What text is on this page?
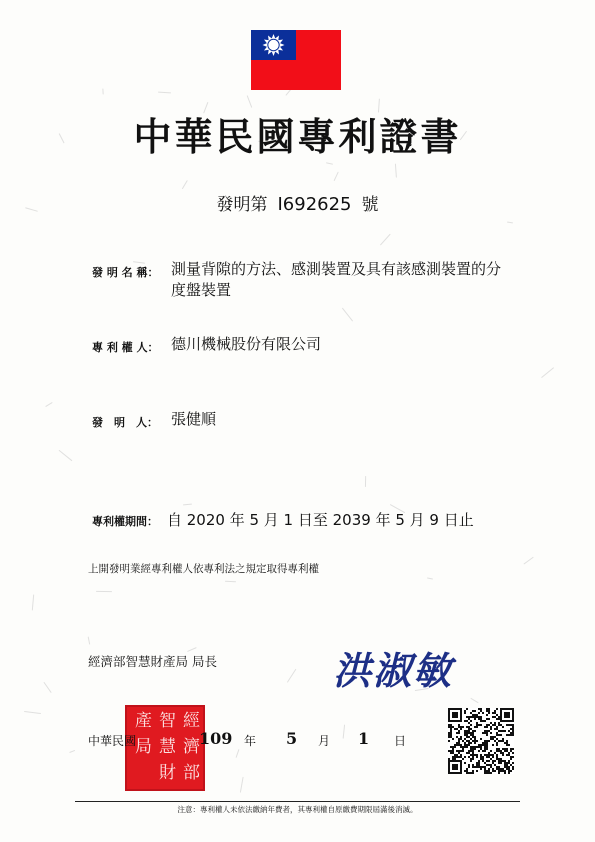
中華民國專利證書
發明第 I692625 號
發 明 名 稱： 測量背隙的方法、感測裝置及具有該感測裝置的分度盤裝置
專 利 權 人： 德川機械股份有限公司
發　明　人： 張健順
專利權期間： 自 2020 年 5 月 1 日至 2039 年 5 月 9 日止
上開發明業經專利權人依專利法之規定取得專利權
經濟部智慧財產局 局長	洪淑敏
經
濟
部
智
慧
財
產
局
中華民國	109 年 5 月 1 日
注意：專利權人未依法繳納年費者，其專利權自原繳費期限屆滿後消滅。
